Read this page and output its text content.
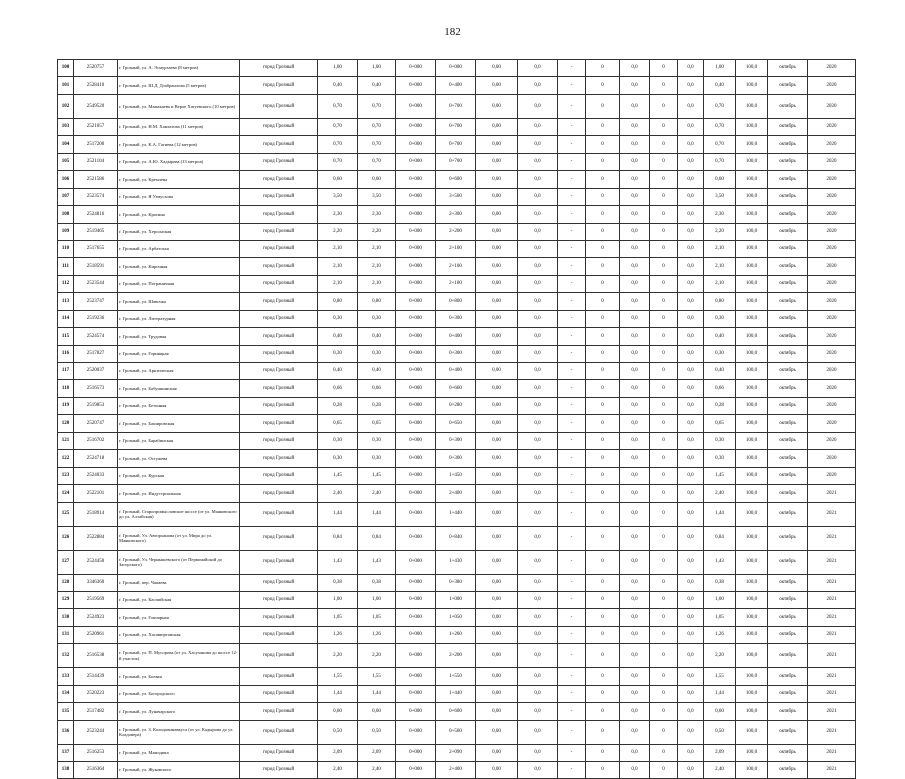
182
100	2520757	г. Грозный, ул. А. Эсмурзаева (8 метров)	город Грозный	1,00	1,00	0+000	0+000	0,00	0,0	-	0	0,0	0	0,0	1,00	100,0	октябрь	2020
101	2528410	г. Грозный, ул. Ш.Д. Дзабраилова (5 метров)	город Грозный	0,40	0,40	0+000	0+400	0,00	0,0	-	0	0,0	0	0,0	0,40	100,0	октябрь	2020
102	2549520	г. Грозный, ул. Мамакаева и Верхе Хатуевского (10 метров)	город Грозный	0,70	0,70	0+000	0+700	0,00	0,0	-	0	0,0	0	0,0	0,70	100,0	октябрь	2020
103	2521057	г. Грозный, ул. Н.М. Хамзатова (11 метров)	город Грозный	0,70	0,70	0+000	0+700	0,00	0,0	-	0	0,0	0	0,0	0,70	100,0	октябрь	2020
104	2517200	г. Грозный, ул. К.А. Гагиева (12 метров)	город Грозный	0,70	0,70	0+000	0+700	0,00	0,0	-	0	0,0	0	0,0	0,70	100,0	октябрь	2020
105	2521104	г. Грозный, ул. А.Ю. Хадырова (13 метров)	город Грозный	0,70	0,70	0+000	0+700	0,00	0,0	-	0	0,0	0	0,0	0,70	100,0	октябрь	2020
106	2521586	г. Грозный, ул. Кремлева	город Грозный	0,60	0,60	0+000	0+600	0,00	0,0	-	0	0,0	0	0,0	0,60	100,0	октябрь	2020
107	2523574	г. Грозный, ул. Я.Узмусхова	город Грозный	3,50	3,50	0+000	3+500	0,00	0,0	-	0	0,0	0	0,0	3,50	100,0	октябрь	2020
108	2524816	г. Грозный, ул. Красина	город Грозный	2,30	2,30	0+000	2+300	0,00	0,0	-	0	0,0	0	0,0	2,30	100,0	октябрь	2020
109	2519465	г. Грозный, ул. Херсонская	город Грозный	2,20	2,20	0+000	2+200	0,00	0,0	-	0	0,0	0	0,0	2,20	100,0	октябрь	2020
110	2517655	г. Грозный, ул. Арбатская	город Грозный	2,10	2,10	0+000	2+100	0,00	0,0	-	0	0,0	0	0,0	2,10	100,0	октябрь	2020
111	2518591	г. Грозный, ул. Кирочная	город Грозный	2,10	2,10	0+000	2+100	0,00	0,0	-	0	0,0	0	0,0	2,10	100,0	октябрь	2020
112	2523544	г. Грозный, ул. Пограничная	город Грозный	2,10	2,10	0+000	2+100	0,00	0,0	-	0	0,0	0	0,0	2,10	100,0	октябрь	2020
113	2523747	г. Грозный, ул. Шавочка	город Грозный	0,80	0,80	0+000	0+800	0,00	0,0	-	0	0,0	0	0,0	0,80	100,0	октябрь	2020
114	2519236	г. Грозный, ул. Литературная	город Грозный	0,30	0,30	0+000	0+300	0,00	0,0	-	0	0,0	0	0,0	0,30	100,0	октябрь	2020
115	2524574	г. Грозный, ул. Трудовая	город Грозный	0,40	0,40	0+000	0+400	0,00	0,0	-	0	0,0	0	0,0	0,40	100,0	октябрь	2020
116	2517827	г. Грозный, ул. Горняцкая	город Грозный	0,30	0,30	0+000	0+300	0,00	0,0	-	0	0,0	0	0,0	0,30	100,0	октябрь	2020
117	2520037	г. Грозный, ул. Арктическая	город Грозный	0,40	0,40	0+000	0+400	0,00	0,0	-	0	0,0	0	0,0	0,40	100,0	октябрь	2020
118	2516573	г. Грозный, ул. Бабушкинская	город Грозный	0,66	0,66	0+000	0+660	0,00	0,0	-	0	0,0	0	0,0	0,66	100,0	октябрь	2020
119	2519853	г. Грозный, ул. Бетонная	город Грозный	0,28	0,28	0+000	0+280	0,00	0,0	-	0	0,0	0	0,0	0,28	100,0	октябрь	2020
120	2520747	г. Грозный, ул. Башировская	город Грозный	0,65	0,65	0+000	0+650	0,00	0,0	-	0	0,0	0	0,0	0,65	100,0	октябрь	2020
121	2516702	г. Грозный, ул. Барабинская	город Грозный	0,30	0,30	0+000	0+300	0,00	0,0	-	0	0,0	0	0,0	0,30	100,0	октябрь	2020
122	2524718	г. Грозный, ул. Остужева	город Грозный	0,30	0,30	0+000	0+300	0,00	0,0	-	0	0,0	0	0,0	0,30	100,0	октябрь	2020
123	2524033	г. Грозный, ул. Курская	город Грозный	1,45	1,45	0+000	1+450	0,00	0,0	-	0	0,0	0	0,0	1,45	100,0	октябрь	2020
124	2522101	г. Грозный, ул. Индустриальная	город Грозный	2,40	2,40	0+000	2+400	0,00	0,0	-	0	0,0	0	0,0	2,40	100,0	октябрь	2021
125	2518914	г. Грозный, Старопромысловское шоссе (от ул. Маяковского до ул. Алтайская)	город Грозный	1,44	1,44	0+000	1+440	0,00	0,0	-	0	0,0	0	0,0	1,44	100,0	октябрь	2021
126	2522884	г. Грозный, Ул. Авторханова (от ул. Мира до ул. Маяковского)	город Грозный	0,84	0,84	0+000	0+840	0,00	0,0	-	0	0,0	0	0,0	0,84	100,0	октябрь	2021
127	2524450	г. Грозный, Ул. Чернышевского (от Первомайской до Загорского)	город Грозный	1,43	1,43	0+000	1+430	0,00	0,0	-	0	0,0	0	0,0	1,43	100,0	октябрь	2021
128	3346360	г. Грозный, пер. Чапаева	город Грозный	0,38	0,38	0+000	0+380	0,00	0,0	-	0	0,0	0	0,0	0,38	100,0	октябрь	2021
129	2519569	г. Грозный, ул. Каспийская	город Грозный	1,00	1,00	0+000	1+000	0,00	0,0	-	0	0,0	0	0,0	1,00	100,0	октябрь	2021
130	2524923	г. Грозный, ул. Гончарная	город Грозный	1,05	1,05	0+000	1+050	0,00	0,0	-	0	0,0	0	0,0	1,05	100,0	октябрь	2021
131	2520961	г. Грозный, ул. Хасавюртовская	город Грозный	1,26	1,26	0+000	1+260	0,00	0,0	-	0	0,0	0	0,0	1,26	100,0	октябрь	2021
132	2516538	г. Грозный, ул. П. Мусорова (от ул. Хасуханова до шоссе 12-й участок)	город Грозный	2,20	2,20	0+000	2+200	0,00	0,0	-	0	0,0	0	0,0	2,20	100,0	октябрь	2021
133	2514439	г. Грозный, ул. Боевая	город Грозный	1,55	1,55	0+000	1+550	0,00	0,0	-	0	0,0	0	0,0	1,55	100,0	октябрь	2021
134	2520223	г. Грозный, ул. Богородского	город Грозный	1,44	1,44	0+000	1+440	0,00	0,0	-	0	0,0	0	0,0	1,44	100,0	октябрь	2021
135	2517482	г. Грозный, ул. Луначарского	город Грозный	0,60	0,60	0+000	0+600	0,00	0,0	-	0	0,0	0	0,0	0,60	100,0	октябрь	2021
136	2523244	г. Грозный, ул. З. Кольцовинавкуса (от ул. Кадырова до ул. Кладовера)	город Грозный	0,50	0,50	0+000	0+500	0,00	0,0	-	0	0,0	0	0,0	0,50	100,0	октябрь	2021
137	2516253	г. Грозный, ул. Мамодика	город Грозный	2,09	2,09	0+000	2+090	0,00	0,0	-	0	0,0	0	0,0	2,09	100,0	октябрь	2021
138	2516364	г. Грозный, ул. Жуковского	город Грозный	2,40	2,40	0+000	2+400	0,00	0,0	-	0	0,0	0	0,0	2,40	100,0	октябрь	2021
